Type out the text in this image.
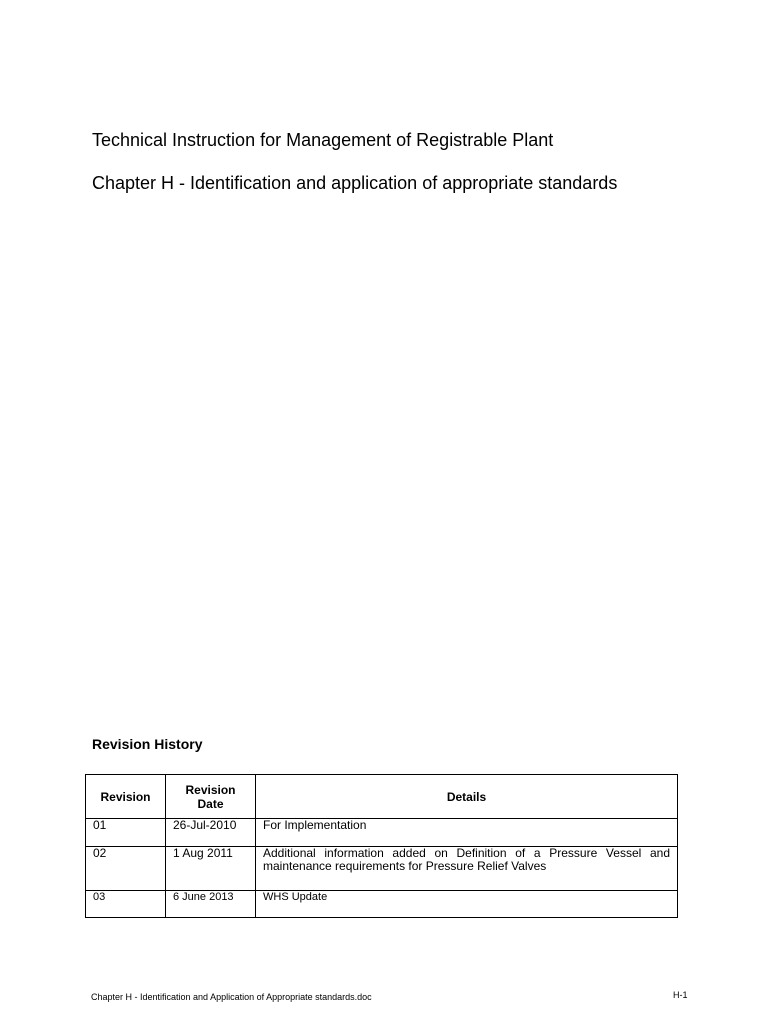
Technical Instruction for Management of Registrable Plant
Chapter H - Identification and application of appropriate standards
Revision History
Revision	Revision Date	Details
01	26-Jul-2010	For Implementation
02	1 Aug 2011	Additional information added on Definition of a Pressure Vessel and maintenance requirements for Pressure Relief Valves
03	6 June 2013	WHS Update
Chapter H - Identification and Application of Appropriate standards.doc	H-1
